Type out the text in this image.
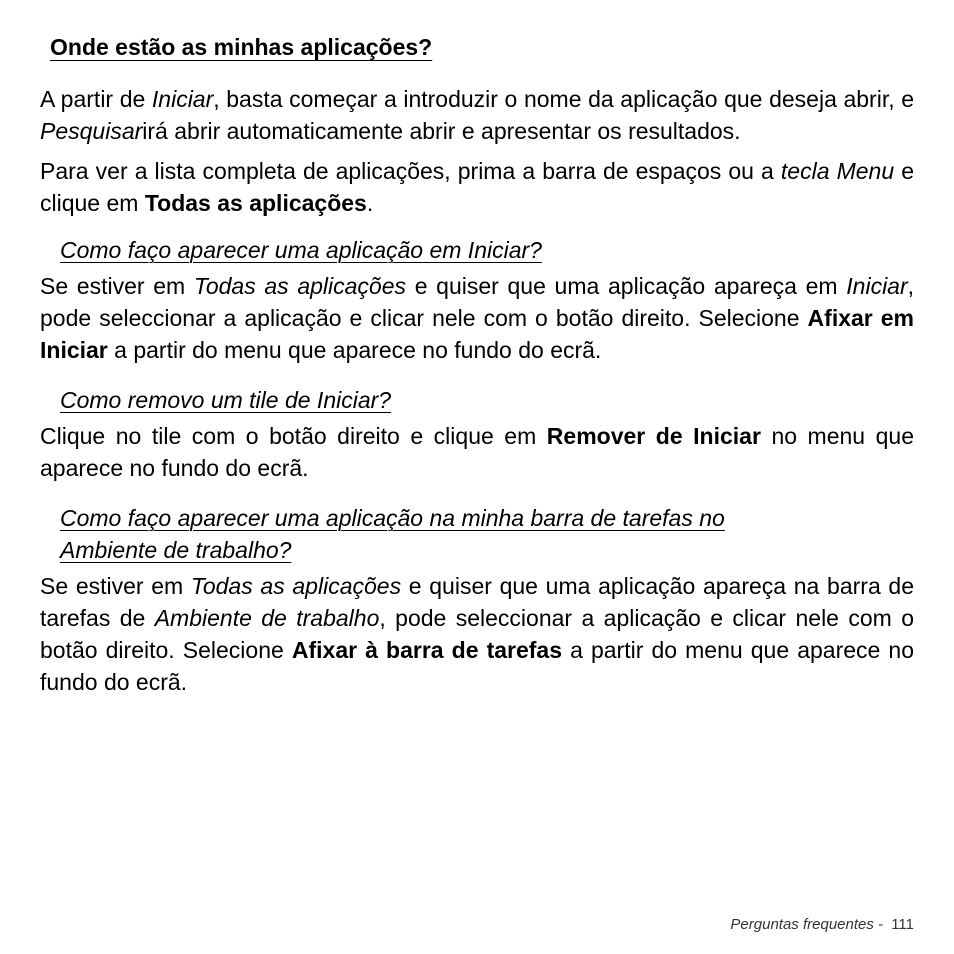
Onde estão as minhas aplicações?

A partir de Iniciar, basta começar a introduzir o nome da aplicação que deseja abrir, e Pesquisarirá abrir automaticamente abrir e apresentar os resultados.

Para ver a lista completa de aplicações, prima a barra de espaços ou a tecla Menu e clique em Todas as aplicações.

Como faço aparecer uma aplicação em Iniciar?

Se estiver em Todas as aplicações e quiser que uma aplicação apareça em Iniciar, pode seleccionar a aplicação e clicar nele com o botão direito. Selecione Afixar em Iniciar a partir do menu que aparece no fundo do ecrã.

Como removo um tile de Iniciar?

Clique no tile com o botão direito e clique em Remover de Iniciar no menu que aparece no fundo do ecrã.

Como faço aparecer uma aplicação na minha barra de tarefas no
Ambiente de trabalho?

Se estiver em Todas as aplicações e quiser que uma aplicação apareça na barra de tarefas de Ambiente de trabalho, pode seleccionar a aplicação e clicar nele com o botão direito. Selecione Afixar à barra de tarefas a partir do menu que aparece no fundo do ecrã.

Perguntas frequentes - 111
